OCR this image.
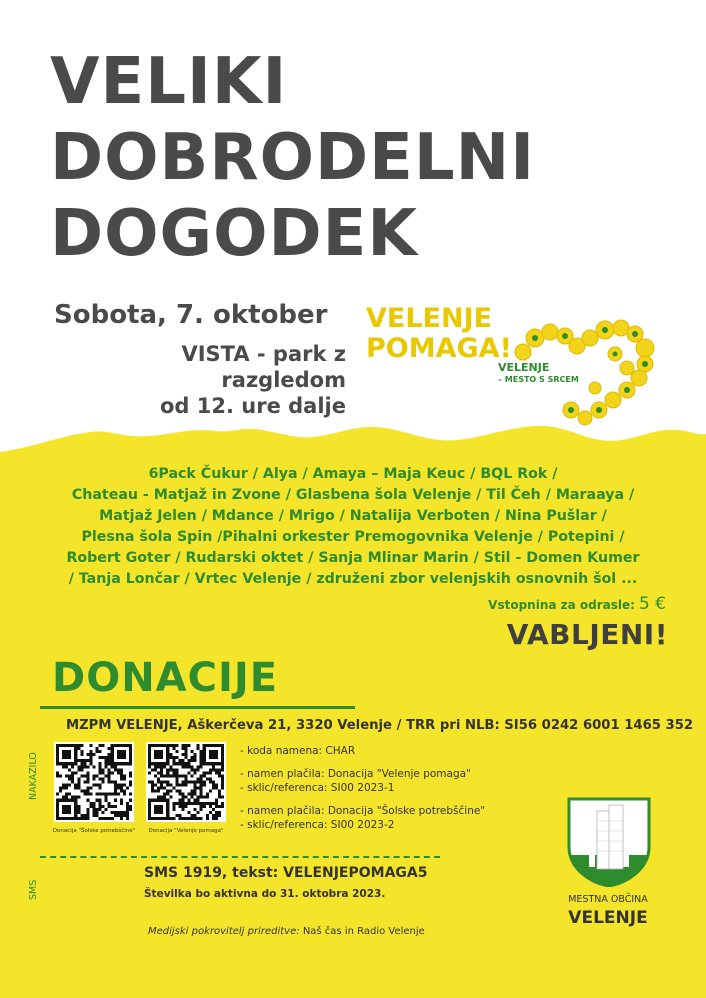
VELIKI
DOBRODELNI
DOGODEK
Sobota, 7. oktober
VISTA - park z razgledom
od 12. ure dalje
VELENJE
POMAGA!
VELENJE
– MESTO S SRCEM
6Pack Čukur / Alya / Amaya – Maja Keuc / BQL Rok /
Chateau - Matjaž in Zvone / Glasbena šola Velenje / Til Čeh / Maraaya /
Matjaž Jelen / Mdance / Mrigo / Natalija Verboten / Nina Pušlar /
Plesna šola Spin /Pihalni orkester Premogovnika Velenje / Potepini /
Robert Goter / Rudarski oktet / Sanja Mlinar Marin / Stil - Domen Kumer
/ Tanja Lončar / Vrtec Velenje / združeni zbor velenjskih osnovnih šol ...
Vstopnina za odrasle: 5 €
VABLJENI!
DONACIJE
MZPM VELENJE, Aškerčeva 21, 3320 Velenje / TRR pri NLB: SI56 0242 6001 1465 352
NAKAZILO
SMS
Donacija "Šolske potrebščine"	Donacija "Velenje pomaga"
- koda namena: CHAR
- namen plačila: Donacija "Velenje pomaga"
- sklic/referenca: SI00 2023-1
- namen plačila: Donacija "Šolske potrebščine"
- sklic/referenca: SI00 2023-2
SMS 1919, tekst: VELENJEPOMAGA5
Številka bo aktivna do 31. oktobra 2023.
Medijski pokrovitelj prireditve: Naš čas in Radio Velenje
MESTNA OBČINA
VELENJE
